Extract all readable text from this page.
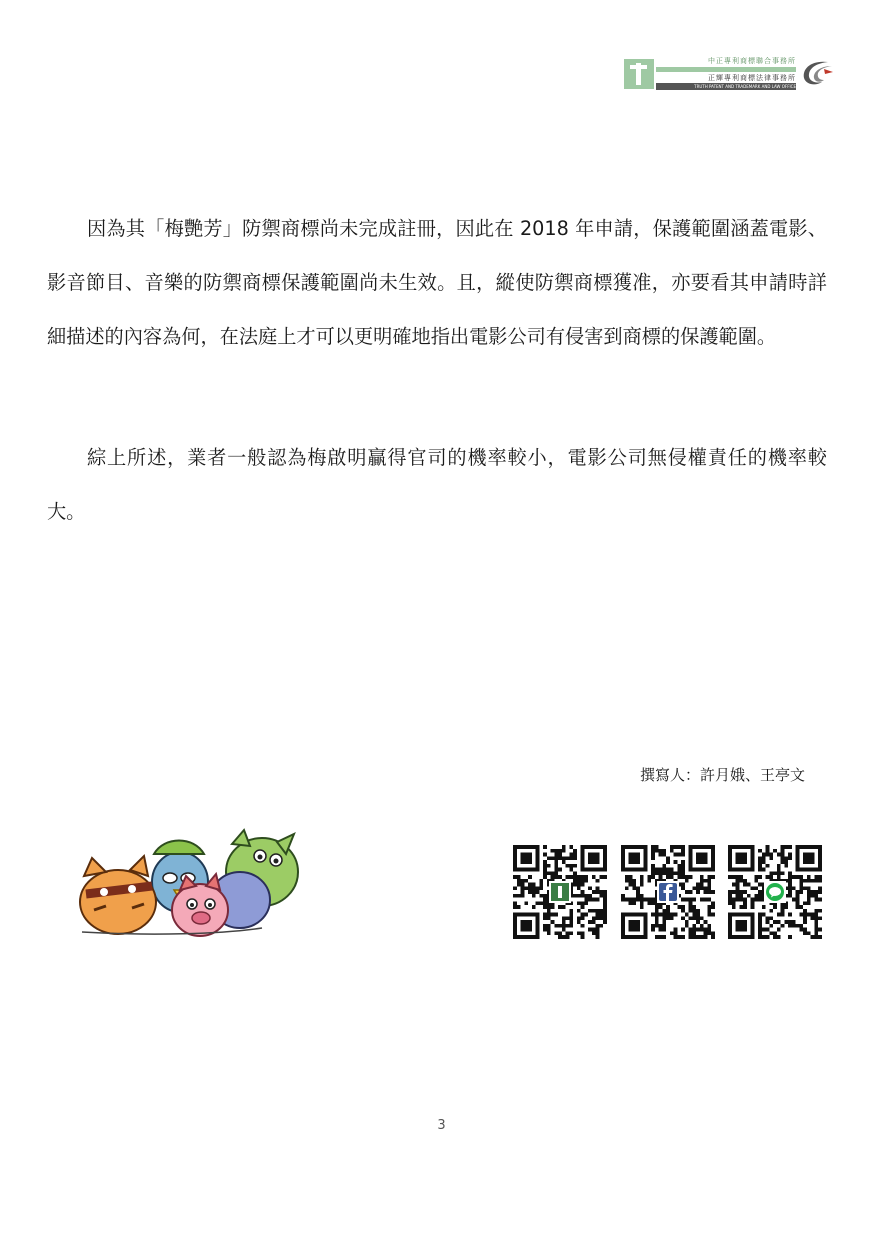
中正專利商標聯合事務所
正輝專利商標法律事務所
TRUTH PATENT AND TRADEMARK AND LAW OFFICE

因為其「梅艷芳」防禦商標尚未完成註冊，因此在 2018 年申請，保護範圍涵蓋電影、影音節目、音樂的防禦商標保護範圍尚未生效。且，縱使防禦商標獲准，亦要看其申請時詳細描述的內容為何，在法庭上才可以更明確地指出電影公司有侵害到商標的保護範圍。

綜上所述，業者一般認為梅啟明贏得官司的機率較小，電影公司無侵權責任的機率較大。

撰寫人：許月娥、王亭文
3
